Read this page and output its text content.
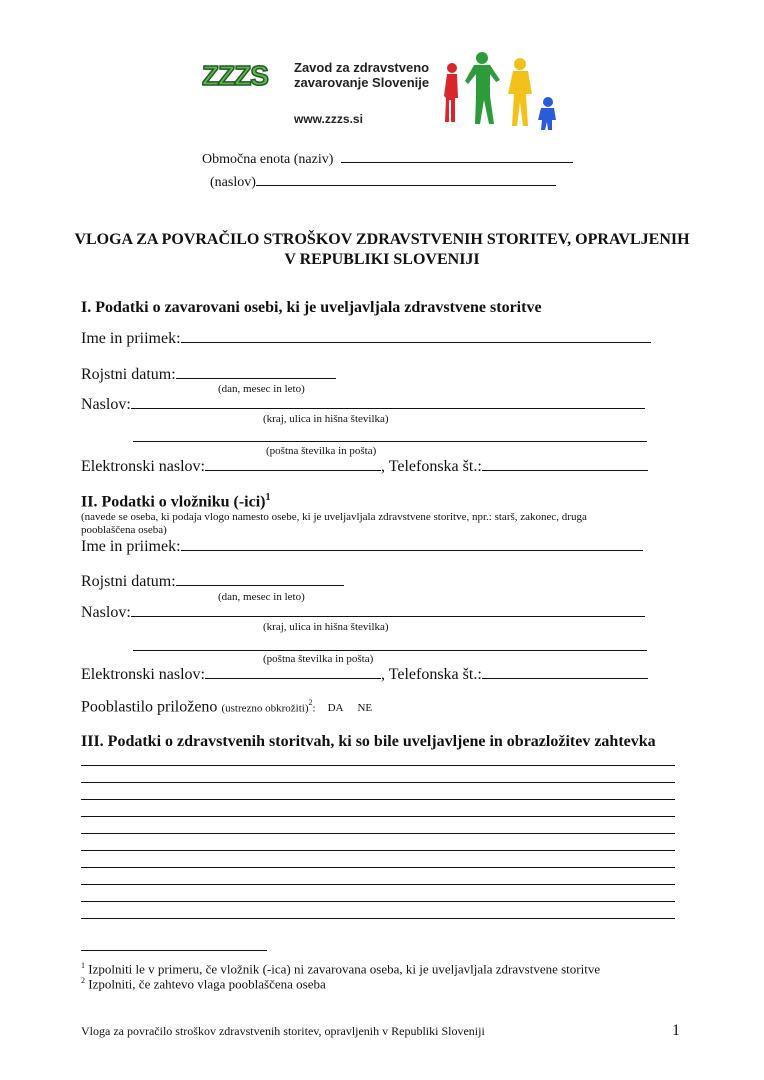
ZZZS Zavod za zdravstveno
zavarovanje Slovenije
www.zzzs.si
Območna enota (naziv)
(naslov)
VLOGA ZA POVRAČILO STROŠKOV ZDRAVSTVENIH STORITEV, OPRAVLJENIH
V REPUBLIKI SLOVENIJI
I. Podatki o zavarovani osebi, ki je uveljavljala zdravstvene storitve
Ime in priimek:
Rojstni datum:
(dan, mesec in leto)
Naslov:
(kraj, ulica in hišna številka)
(poštna številka in pošta)
Elektronski naslov:	, Telefonska št.:
II. Podatki o vložniku $(-ici)^1$
(navede se oseba, ki podaja vlogo namesto osebe, ki je uveljavljala zdravstvene storitve, npr.: starš, zakonec, druga pooblaščena oseba)
Ime in priimek:
Rojstni datum:
(dan, mesec in leto)
Naslov:
(kraj, ulica in hišna številka)
(poštna številka in pošta)
Elektronski naslov:	, Telefonska št.:
Pooblastilo priloženo (ustrezno obkrožiti)$^2$: DA NE
III. Podatki o zdravstvenih storitvah, ki so bile uveljavljene in obrazložitev zahtevka
$^1$ Izpolniti le v primeru, če vložnik (-ica) ni zavarovana oseba, ki je uveljavljala zdravstvene storitve
$^2$ Izpolniti, če zahtevo vlaga pooblaščena oseba
Vloga za povračilo stroškov zdravstvenih storitev, opravljenih v Republiki Sloveniji	1
